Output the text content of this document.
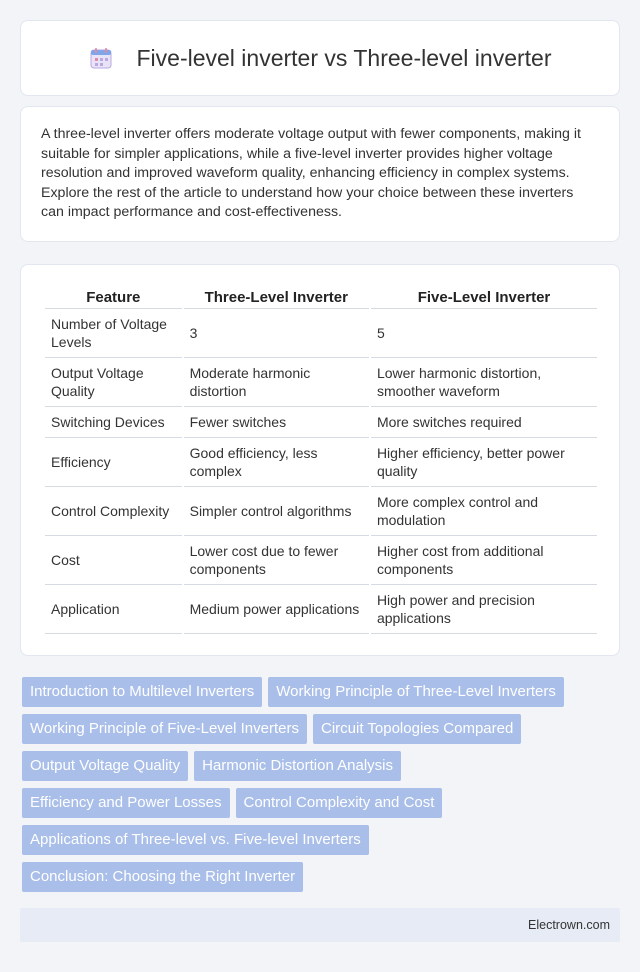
Five-level inverter vs Three-level inverter

A three-level inverter offers moderate voltage output with fewer components, making it suitable for simpler applications, while a five-level inverter provides higher voltage resolution and improved waveform quality, enhancing efficiency in complex systems. Explore the rest of the article to understand how your choice between these inverters can impact performance and cost-effectiveness.

Feature	Three-Level Inverter	Five-Level Inverter
Number of Voltage Levels	3	5
Output Voltage Quality	Moderate harmonic distortion	Lower harmonic distortion, smoother waveform
Switching Devices	Fewer switches	More switches required
Efficiency	Good efficiency, less complex	Higher efficiency, better power quality
Control Complexity	Simpler control algorithms	More complex control and modulation
Cost	Lower cost due to fewer components	Higher cost from additional components
Application	Medium power applications	High power and precision applications
Introduction to Multilevel Inverters	Working Principle of Three-Level Inverters
Working Principle of Five-Level Inverters	Circuit Topologies Compared
Output Voltage Quality	Harmonic Distortion Analysis
Efficiency and Power Losses	Control Complexity and Cost
Applications of Three-level vs. Five-level Inverters
Conclusion: Choosing the Right Inverter
Electrown.com
